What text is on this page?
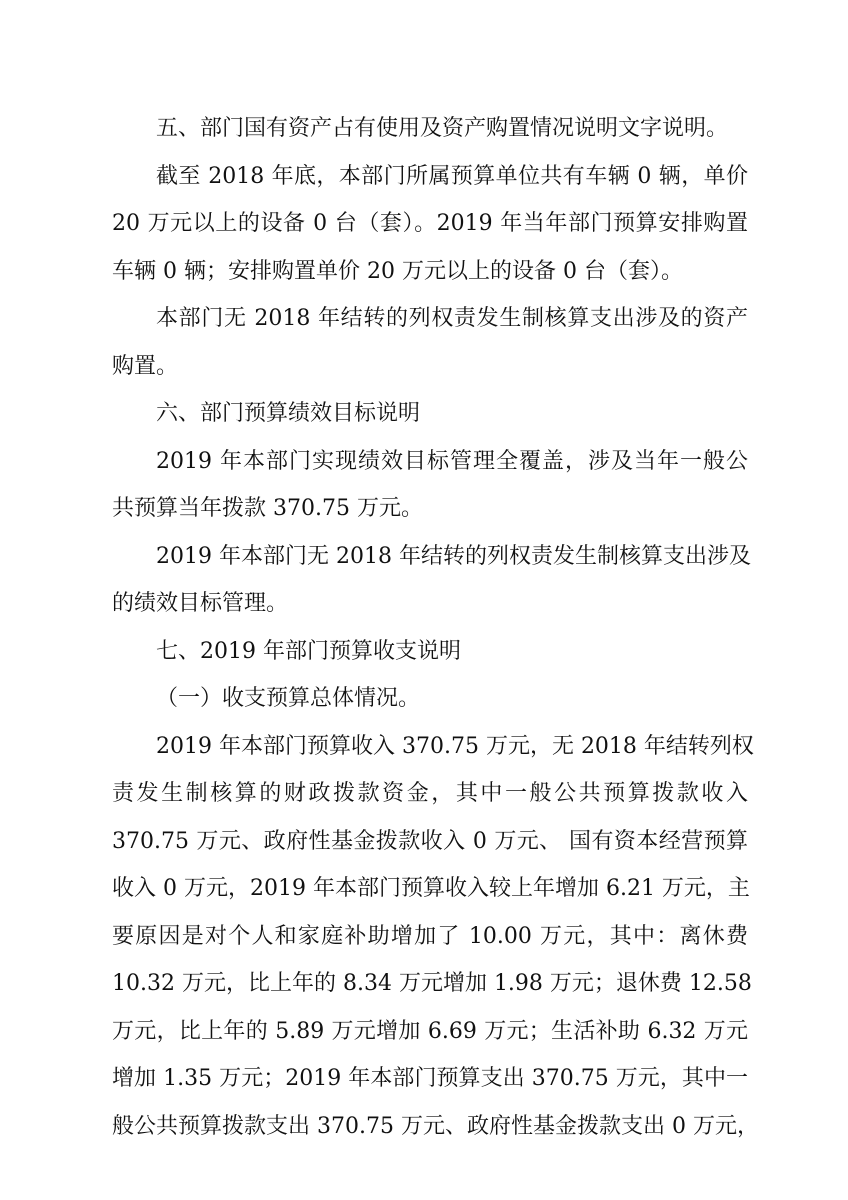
五、部门国有资产占有使用及资产购置情况说明文字说明。

截至 2018 年底，本部门所属预算单位共有车辆 0 辆，单价
20 万元以上的设备 0 台（套）。2019 年当年部门预算安排购置
车辆 0 辆；安排购置单价 20 万元以上的设备 0 台（套）。

本部门无 2018 年结转的列权责发生制核算支出涉及的资产
购置。

六、部门预算绩效目标说明

2019 年本部门实现绩效目标管理全覆盖，涉及当年一般公
共预算当年拨款 370.75 万元。

2019 年本部门无 2018 年结转的列权责发生制核算支出涉及
的绩效目标管理。

七、2019 年部门预算收支说明

（一）收支预算总体情况。

2019 年本部门预算收入 370.75 万元，无 2018 年结转列权
责发生制核算的财政拨款资金，其中一般公共预算拨款收入
370.75 万元、政府性基金拨款收入 0 万元、 国有资本经营预算
收入 0 万元，2019 年本部门预算收入较上年增加 6.21 万元，主
要原因是对个人和家庭补助增加了 10.00 万元，其中：离休费
10.32 万元，比上年的 8.34 万元增加 1.98 万元；退休费 12.58
万元，比上年的 5.89 万元增加 6.69 万元；生活补助 6.32 万元
增加 1.35 万元；2019 年本部门预算支出 370.75 万元，其中一
般公共预算拨款支出 370.75 万元、政府性基金拨款支出 0 万元，
